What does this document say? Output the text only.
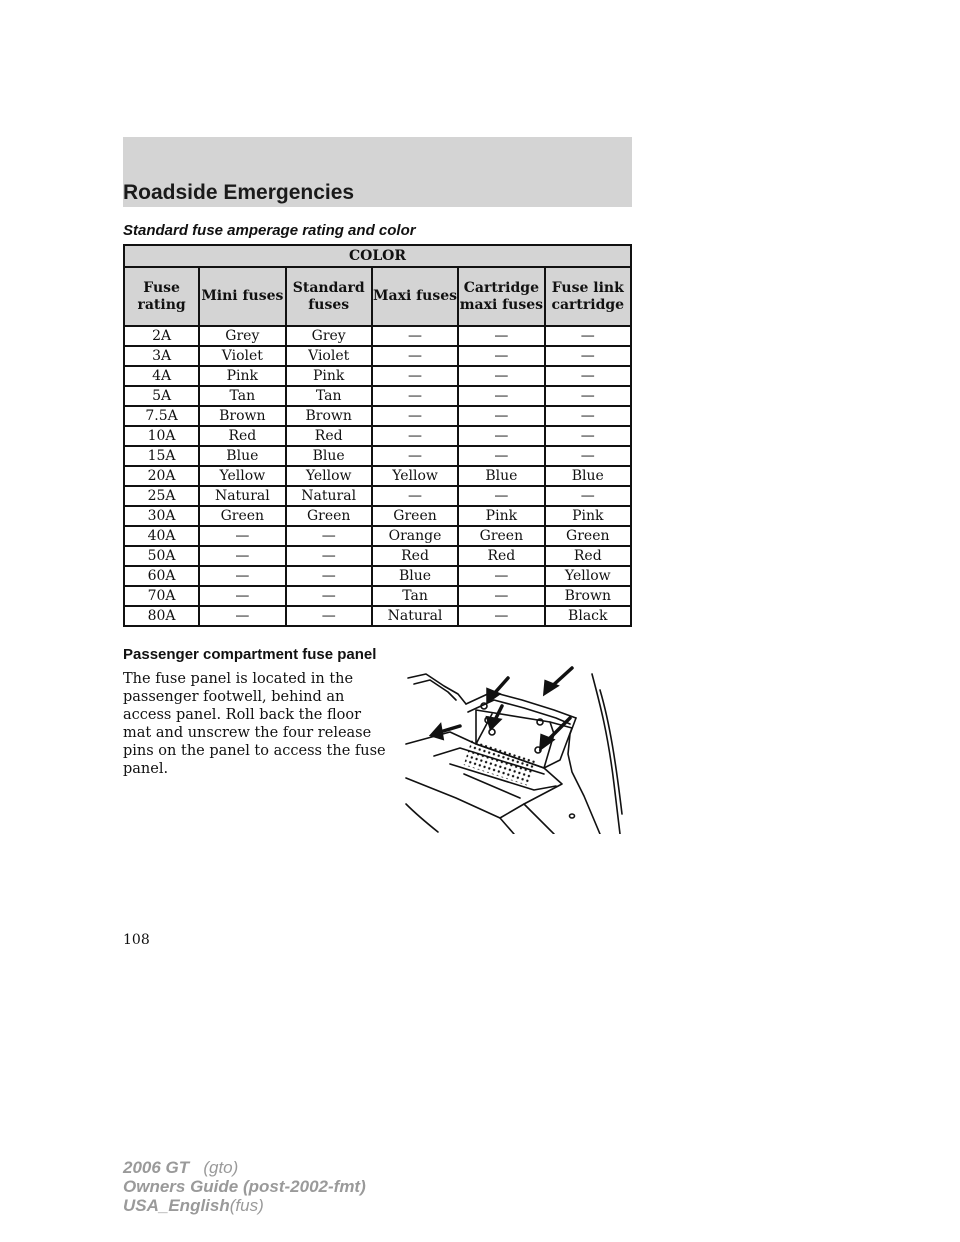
Roadside Emergencies
Standard fuse amperage rating and color
COLOR					
Fuse rating	Mini fuses	Standard fuses	Maxi fuses	Cartridge maxi fuses	Fuse link cartridge
2A	Grey	Grey	—	—	—
3A	Violet	Violet	—	—	—
4A	Pink	Pink	—	—	—
5A	Tan	Tan	—	—	—
7.5A	Brown	Brown	—	—	—
10A	Red	Red	—	—	—
15A	Blue	Blue	—	—	—
20A	Yellow	Yellow	Yellow	Blue	Blue
25A	Natural	Natural	—	—	—
30A	Green	Green	Green	Pink	Pink
40A	—	—	Orange	Green	Green
50A	—	—	Red	Red	Red
60A	—	—	Blue	—	Yellow
70A	—	—	Tan	—	Brown
80A	—	—	Natural	—	Black
Passenger compartment fuse panel
The fuse panel is located in the passenger footwell, behind an access panel. Roll back the floor mat and unscrew the four release pins on the panel to access the fuse panel.
108
2006 GT (gto)
Owners Guide (post-2002-fmt)
USA_English(fus)
